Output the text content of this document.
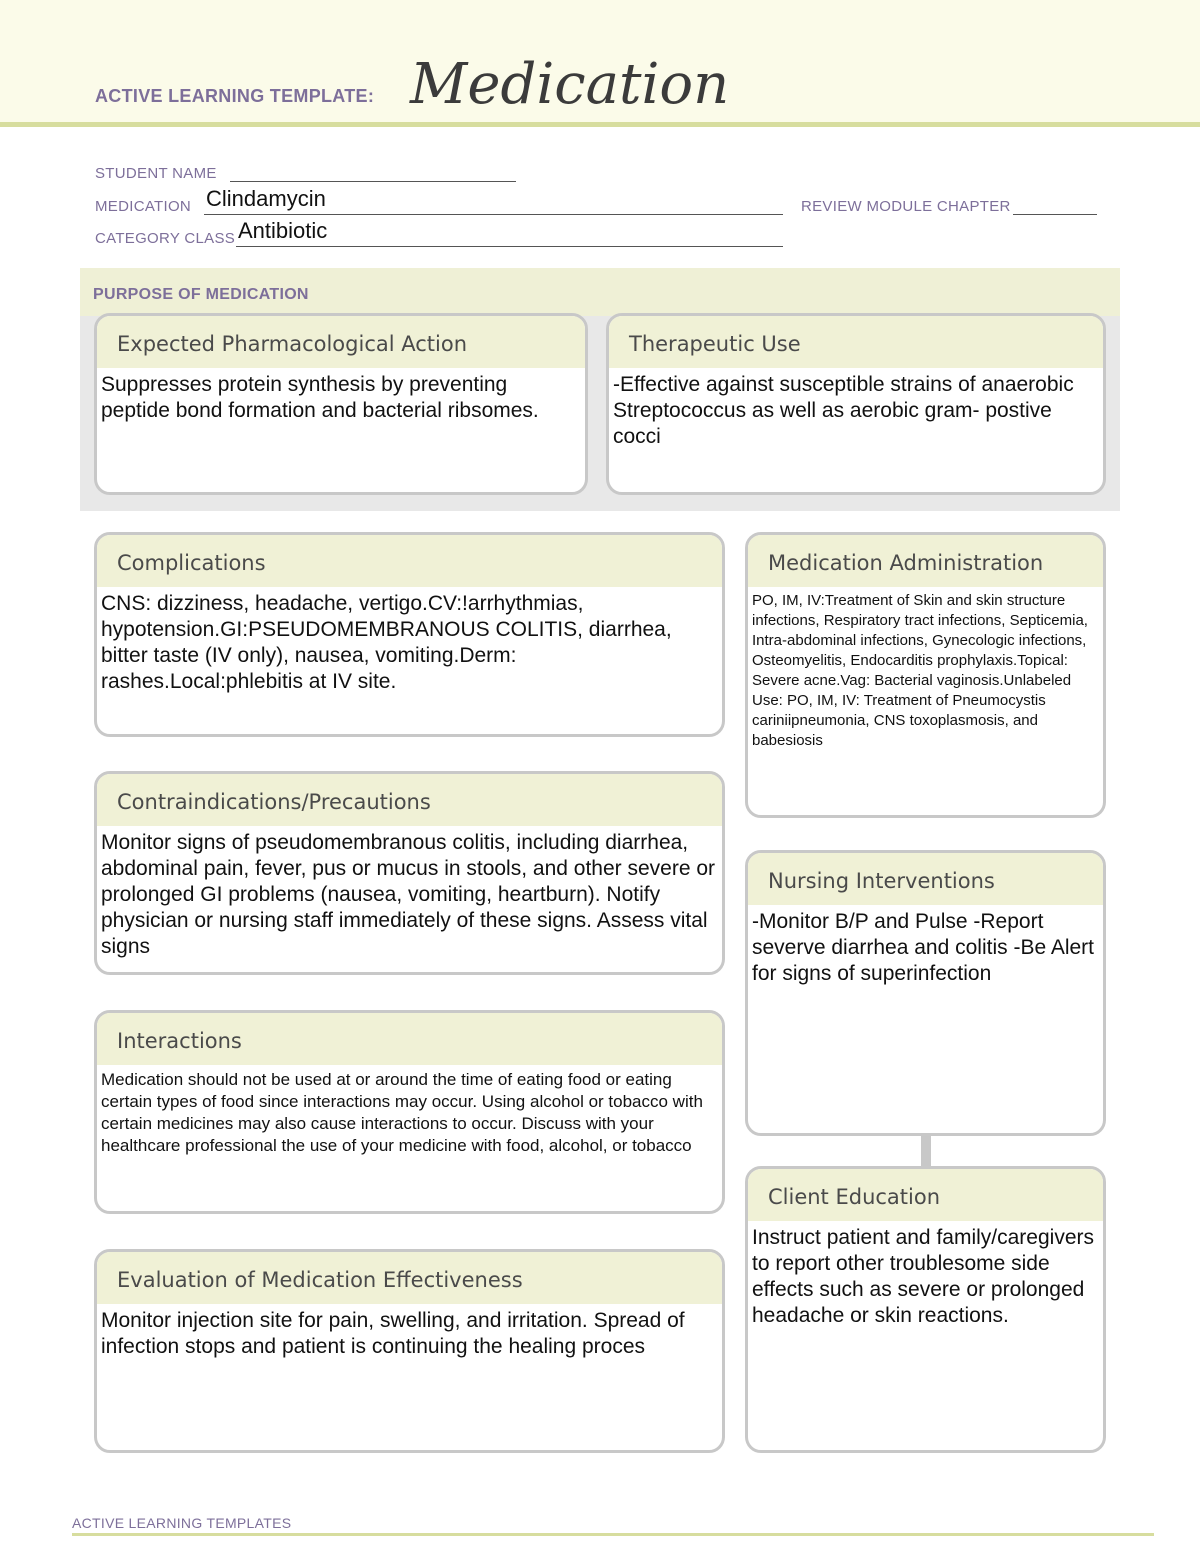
ACTIVE LEARNING TEMPLATE: Medication
STUDENT NAME
MEDICATION Clindamycin	REVIEW MODULE CHAPTER
CATEGORY CLASS Antibiotic
PURPOSE OF MEDICATION
Expected Pharmacological Action
Suppresses protein synthesis by preventing peptide bond formation and bacterial ribsomes.
Therapeutic Use
-Effective against susceptible strains of anaerobic Streptococcus as well as aerobic gram- postive cocci
Complications
CNS: dizziness, headache, vertigo.CV:!arrhythmias, hypotension.GI:PSEUDOMEMBRANOUS COLITIS, diarrhea, bitter taste (IV only), nausea, vomiting.Derm: rashes.Local:phlebitis at IV site.
Contraindications/Precautions
Monitor signs of pseudomembranous colitis, including diarrhea, abdominal pain, fever, pus or mucus in stools, and other severe or prolonged GI problems (nausea, vomiting, heartburn). Notify physician or nursing staff immediately of these signs. Assess vital signs
Interactions
Medication should not be used at or around the time of eating food or eating certain types of food since interactions may occur. Using alcohol or tobacco with certain medicines may also cause interactions to occur. Discuss with your healthcare professional the use of your medicine with food, alcohol, or tobacco
Evaluation of Medication Effectiveness
Monitor injection site for pain, swelling, and irritation. Spread of infection stops and patient is continuing the healing proces
Medication Administration
PO, IM, IV:Treatment of Skin and skin structure infections, Respiratory tract infections, Septicemia, Intra-abdominal infections, Gynecologic infections, Osteomyelitis, Endocarditis prophylaxis.Topical: Severe acne.Vag: Bacterial vaginosis.Unlabeled Use: PO, IM, IV: Treatment of Pneumocystis cariniipneumonia, CNS toxoplasmosis, and babesiosis
Nursing Interventions
-Monitor B/P and Pulse -Report severve diarrhea and colitis -Be Alert for signs of superinfection
Client Education
Instruct patient and family/caregivers to report other troublesome side effects such as severe or prolonged headache or skin reactions.
ACTIVE LEARNING TEMPLATES
